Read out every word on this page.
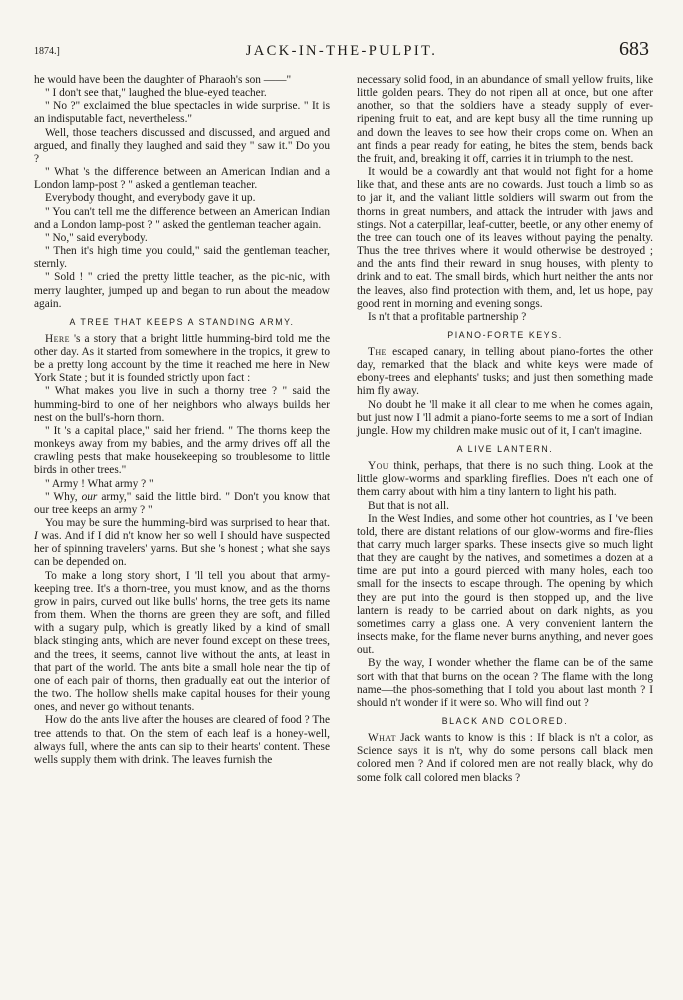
1874.]	JACK-IN-THE-PULPIT.	683

he would have been the daughter of Pharaoh's son ——"

" I don't see that," laughed the blue-eyed teacher.

" No ?" exclaimed the blue spectacles in wide surprise. " It is an indisputable fact, nevertheless."

Well, those teachers discussed and discussed, and argued and argued, and finally they laughed and said they " saw it." Do you ?

" What 's the difference between an American Indian and a London lamp-post ? " asked a gentleman teacher.

Everybody thought, and everybody gave it up.

" You can't tell me the difference between an American Indian and a London lamp-post ? " asked the gentleman teacher again.

" No," said everybody.

" Then it's high time you could," said the gentleman teacher, sternly.

" Sold ! " cried the pretty little teacher, as the pic-nic, with merry laughter, jumped up and began to run about the meadow again.

A TREE THAT KEEPS A STANDING ARMY.

Here 's a story that a bright little humming-bird told me the other day. As it started from somewhere in the tropics, it grew to be a pretty long account by the time it reached me here in New York State ; but it is founded strictly upon fact :

" What makes you live in such a thorny tree ? " said the humming-bird to one of her neighbors who always builds her nest on the bull's-horn thorn.

" It 's a capital place," said her friend. " The thorns keep the monkeys away from my babies, and the army drives off all the crawling pests that make housekeeping so troublesome to little birds in other trees."

" Army ! What army ? "

" Why, our army," said the little bird. " Don't you know that our tree keeps an army ? "

You may be sure the humming-bird was surprised to hear that. I was. And if I did n't know her so well I should have suspected her of spinning travelers' yarns. But she 's honest ; what she says can be depended on.

To make a long story short, I 'll tell you about that army-keeping tree. It's a thorn-tree, you must know, and as the thorns grow in pairs, curved out like bulls' horns, the tree gets its name from them. When the thorns are green they are soft, and filled with a sugary pulp, which is greatly liked by a kind of small black stinging ants, which are never found except on these trees, and the trees, it seems, cannot live without the ants, at least in that part of the world. The ants bite a small hole near the tip of one of each pair of thorns, then gradually eat out the interior of the two. The hollow shells make capital houses for their young ones, and never go without tenants.

How do the ants live after the houses are cleared of food ? The tree attends to that. On the stem of each leaf is a honey-well, always full, where the ants can sip to their hearts' content. These wells supply them with drink. The leaves furnish the

necessary solid food, in an abundance of small yellow fruits, like little golden pears. They do not ripen all at once, but one after another, so that the soldiers have a steady supply of ever-ripening fruit to eat, and are kept busy all the time running up and down the leaves to see how their crops come on. When an ant finds a pear ready for eating, he bites the stem, bends back the fruit, and, breaking it off, carries it in triumph to the nest.

It would be a cowardly ant that would not fight for a home like that, and these ants are no cowards. Just touch a limb so as to jar it, and the valiant little soldiers will swarm out from the thorns in great numbers, and attack the intruder with jaws and stings. Not a caterpillar, leaf-cutter, beetle, or any other enemy of the tree can touch one of its leaves without paying the penalty. Thus the tree thrives where it would otherwise be destroyed ; and the ants find their reward in snug houses, with plenty to drink and to eat. The small birds, which hurt neither the ants nor the leaves, also find protection with them, and, let us hope, pay good rent in morning and evening songs.

Is n't that a profitable partnership ?

PIANO-FORTE KEYS.

The escaped canary, in telling about piano-fortes the other day, remarked that the black and white keys were made of ebony-trees and elephants' tusks; and just then something made him fly away.

No doubt he 'll make it all clear to me when he comes again, but just now I 'll admit a piano-forte seems to me a sort of Indian jungle. How my children make music out of it, I can't imagine.

A LIVE LANTERN.

You think, perhaps, that there is no such thing. Look at the little glow-worms and sparkling fireflies. Does n't each one of them carry about with him a tiny lantern to light his path.

But that is not all.

In the West Indies, and some other hot countries, as I 've been told, there are distant relations of our glow-worms and fire-flies that carry much larger sparks. These insects give so much light that they are caught by the natives, and sometimes a dozen at a time are put into a gourd pierced with many holes, each too small for the insects to escape through. The opening by which they are put into the gourd is then stopped up, and the live lantern is ready to be carried about on dark nights, as you sometimes carry a glass one. A very convenient lantern the insects make, for the flame never burns anything, and never goes out.

By the way, I wonder whether the flame can be of the same sort with that that burns on the ocean ? The flame with the long name—the phos-something that I told you about last month ? I should n't wonder if it were so. Who will find out ?

BLACK AND COLORED.

What Jack wants to know is this : If black is n't a color, as Science says it is n't, why do some persons call black men colored men ? And if colored men are not really black, why do some folk call colored men blacks ?
